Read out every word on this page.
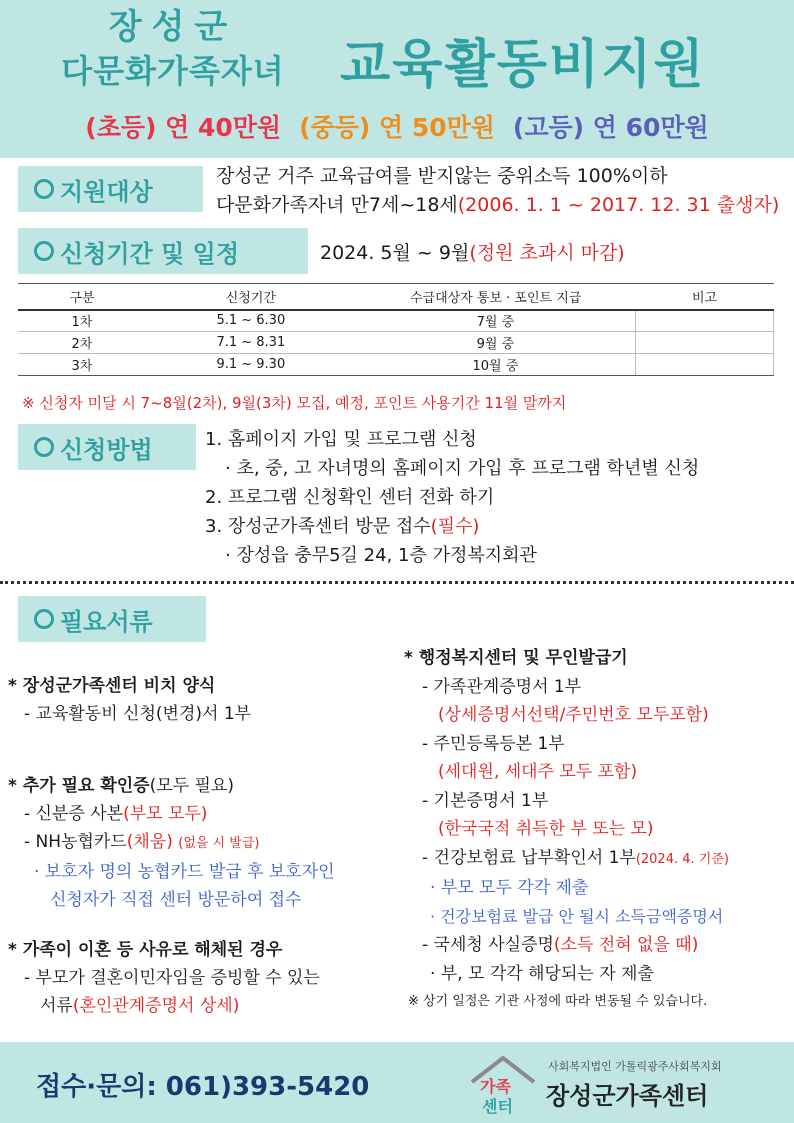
장성군
다문화가족자녀	교육활동비지원
(초등) 연 40만원 (중등) 연 50만원 (고등) 연 60만원
지원대상
장성군 거주 교육급여를 받지않는 중위소득 100%이하
다문화가족자녀 만7세~18세(2006. 1. 1 ~ 2017. 12. 31 출생자)
신청기간 및 일정	2024. 5월 ~ 9월(정원 초과시 마감)
구분	신청기간	수급대상자 통보 · 포인트 지급	비고
1차	5.1 ~ 6.30	7월 중	
2차	7.1 ~ 8.31	9월 중	
3차	9.1 ~ 9.30	10월 중	
※ 신청자 미달 시 7~8월(2차), 9월(3차) 모집, 예정, 포인트 사용기간 11월 말까지
신청방법	1. 홈페이지 가입 및 프로그램 신청
· 초, 중, 고 자녀명의 홈페이지 가입 후 프로그램 학년별 신청
2. 프로그램 신청확인 센터 전화 하기
3. 장성군가족센터 방문 접수(필수)
· 장성읍 충무5길 24, 1층 가정복지회관
필요서류
* 장성군가족센터 비치 양식
- 교육활동비 신청(변경)서 1부
* 추가 필요 확인증(모두 필요)
- 신분증 사본(부모 모두)
- NH농협카드(채움) (없을 시 발급)
· 보호자 명의 농협카드 발급 후 보호자인
신청자가 직접 센터 방문하여 접수
* 가족이 이혼 등 사유로 해체된 경우
- 부모가 결혼이민자임을 증빙할 수 있는
서류(혼인관계증명서 상세)
* 행정복지센터 및 무인발급기
- 가족관계증명서 1부
(상세증명서선택/주민번호 모두포함)
- 주민등록등본 1부
(세대원, 세대주 모두 포함)
- 기본증명서 1부
(한국국적 취득한 부 또는 모)
- 건강보험료 납부확인서 1부(2024. 4. 기준)
· 부모 모두 각각 제출
· 건강보험료 발급 안 될시 소득금액증명서
- 국세청 사실증명(소득 전혀 없을 때)
· 부, 모 각각 해당되는 자 제출
※ 상기 일정은 기관 사정에 따라 변동될 수 있습니다.
접수·문의: 061)393-5420	가족
센터
사회복지법인 가톨릭광주사회복지회
장성군가족센터
